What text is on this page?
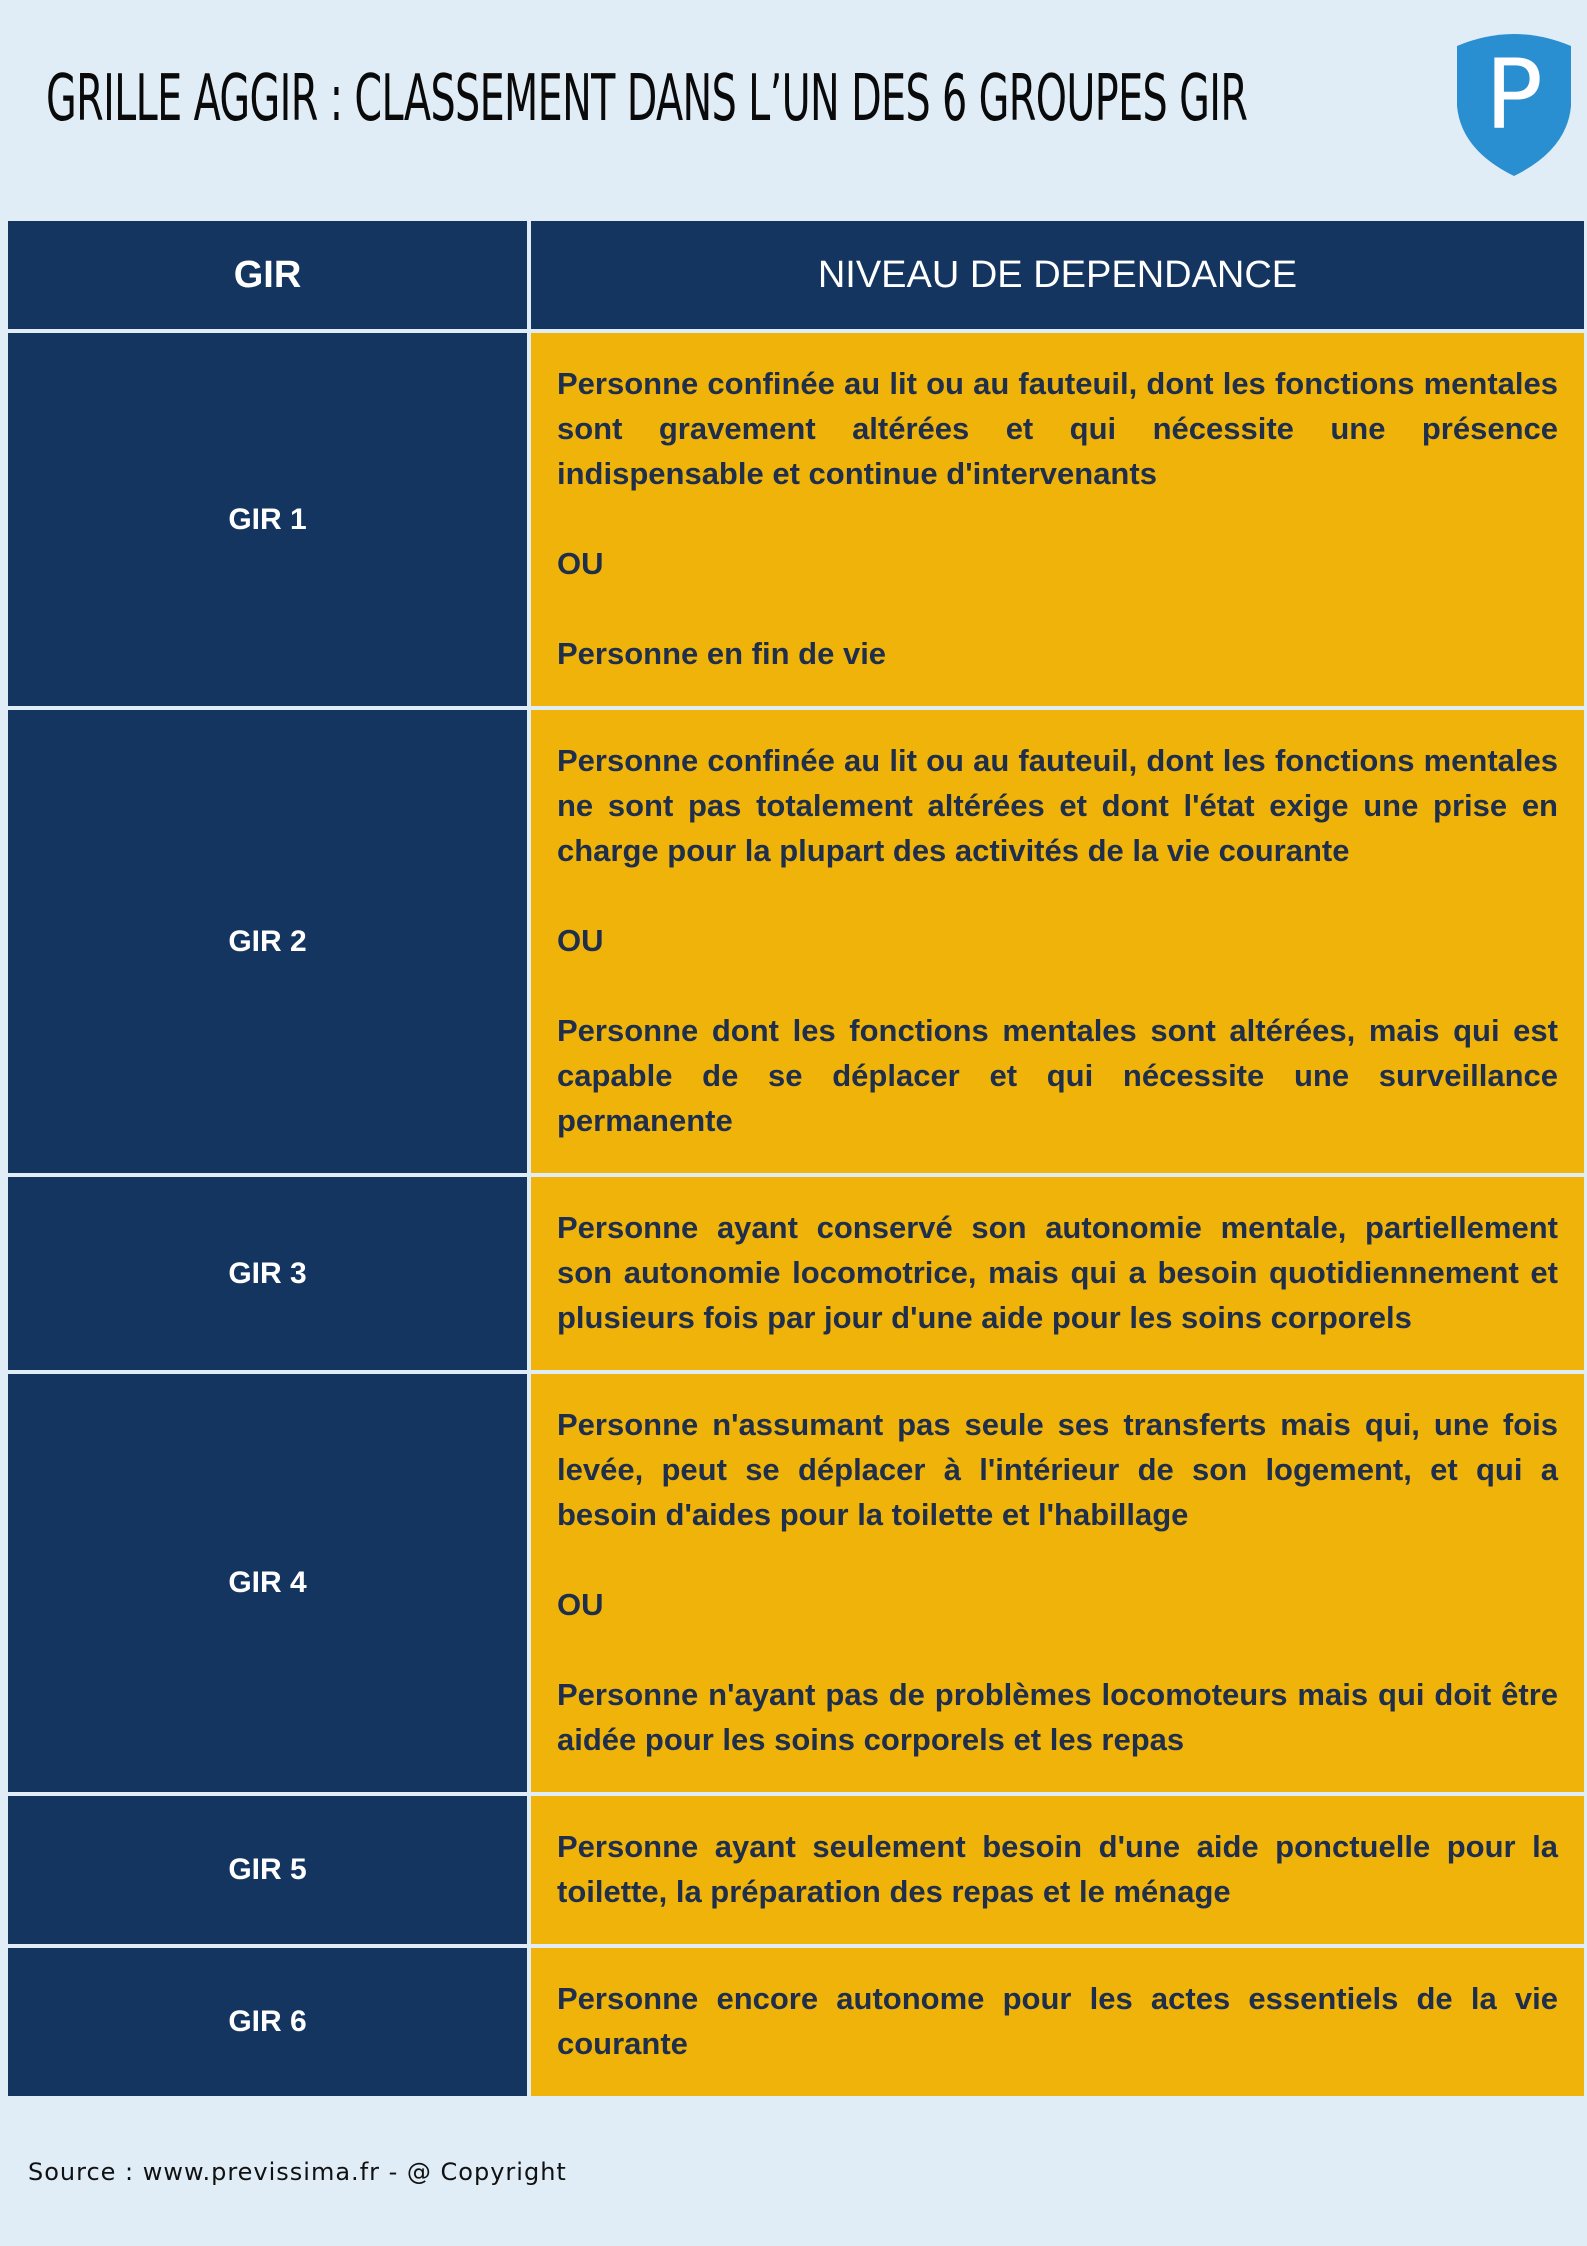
GRILLE AGGIR : CLASSEMENT DANS L’UN DES 6 GROUPES GIR P
GIR	NIVEAU DE DEPENDANCE
GIR 1	Personne confinée au lit ou au fauteuil, dont les fonctions mentales sont gravement altérées et qui nécessite une présence indispensable et continue d'intervenants

OU

Personne en fin de vie

GIR 2	Personne confinée au lit ou au fauteuil, dont les fonctions mentales ne sont pas totalement altérées et dont l'état exige une prise en charge pour la plupart des activités de la vie courante

OU

Personne dont les fonctions mentales sont altérées, mais qui est capable de se déplacer et qui nécessite une surveillance permanente

GIR 3	Personne ayant conservé son autonomie mentale, partiellement son autonomie locomotrice, mais qui a besoin quotidiennement et plusieurs fois par jour d'une aide pour les soins corporels

GIR 4	Personne n'assumant pas seule ses transferts mais qui, une fois levée, peut se déplacer à l'intérieur de son logement, et qui a besoin d'aides pour la toilette et l'habillage

OU

Personne n'ayant pas de problèmes locomoteurs mais qui doit être aidée pour les soins corporels et les repas

GIR 5	Personne ayant seulement besoin d'une aide ponctuelle pour la toilette, la préparation des repas et le ménage

GIR 6	Personne encore autonome pour les actes essentiels de la vie courante

Source : www.previssima.fr - @ Copyright
